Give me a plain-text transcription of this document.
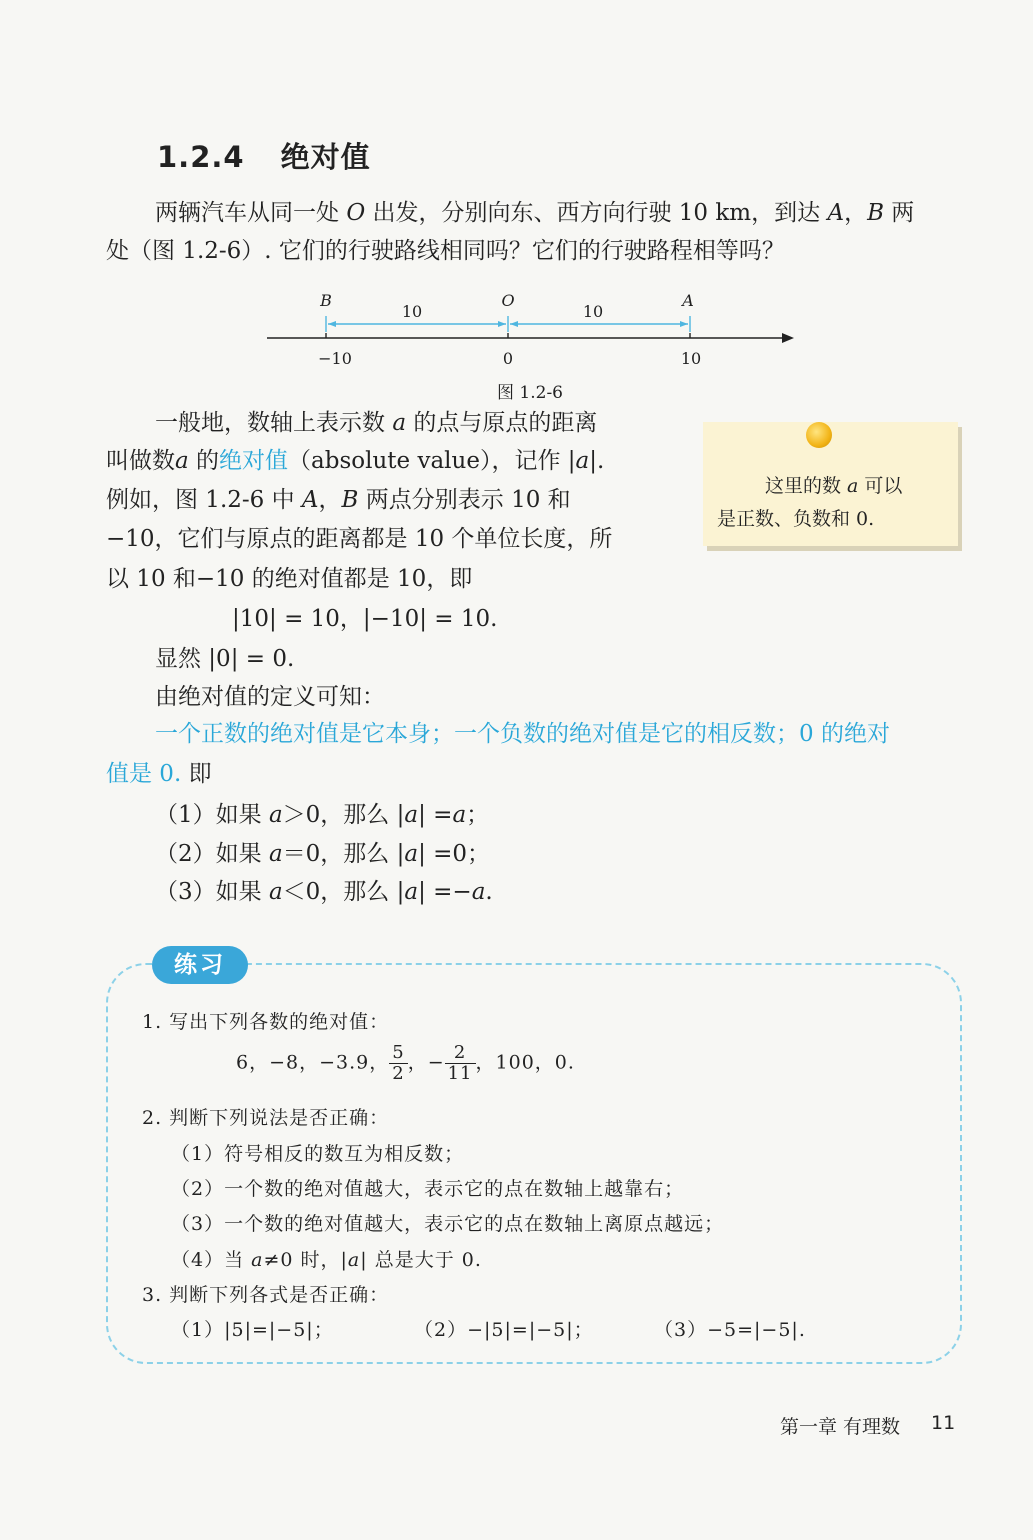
1.2.4 绝对值
两辆汽车从同一处 O 出发，分别向东、西方向行驶 10 km，到达 A，B 两
处（图 1.2-6）. 它们的行驶路线相同吗？它们的行驶路程相等吗？
B	O	A
10	10
−10	0	10
图 1.2-6
一般地，数轴上表示数 a 的点与原点的距离
叫做数a 的绝对值（absolute value），记作 |a|.
例如，图 1.2-6 中 A，B 两点分别表示 10 和
−10，它们与原点的距离都是 10 个单位长度，所
以 10 和−10 的绝对值都是 10，即
|10| = 10，|−10| = 10.
显然 |0| = 0.
由绝对值的定义可知：
这里的数 a 可以
是正数、负数和 0.
一个正数的绝对值是它本身；一个负数的绝对值是它的相反数；0 的绝对
值是 0. 即
（1）如果 a＞0，那么 |a| =a；
（2）如果 a＝0，那么 |a| =0；
（3）如果 a＜0，那么 |a| =−a.
练习
1. 写出下列各数的绝对值：
6，−8，−3.9， $\frac{5}{2}$ ，− $\frac{2}{11}$ ，100，0.
2. 判断下列说法是否正确：
（1）符号相反的数互为相反数；
（2）一个数的绝对值越大，表示它的点在数轴上越靠右；
（3）一个数的绝对值越大，表示它的点在数轴上离原点越远；
（4）当 a≠0 时，|a| 总是大于 0.
3. 判断下列各式是否正确：
（1）|5|=|−5|；	（2）−|5|=|−5|；	（3）−5=|−5|.
第一章 有理数 11
